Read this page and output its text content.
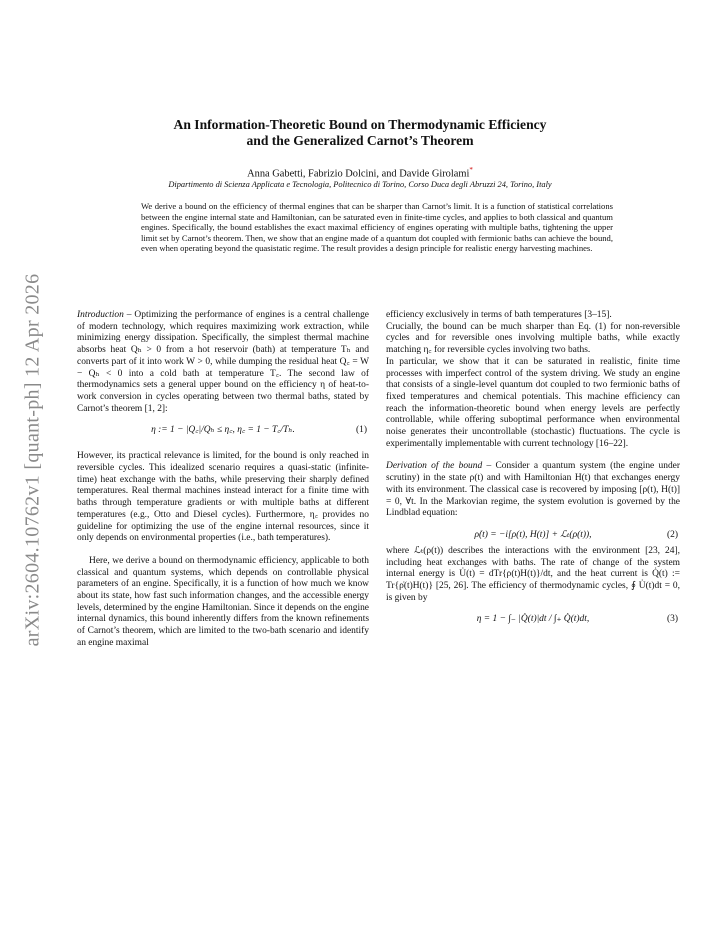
arXiv:2604.10762v1 [quant-ph] 12 Apr 2026
An Information-Theoretic Bound on Thermodynamic Efficiency
and the Generalized Carnot’s Theorem
Anna Gabetti, Fabrizio Dolcini, and Davide Girolami*
Dipartimento di Scienza Applicata e Tecnologia, Politecnico di Torino, Corso Duca degli Abruzzi 24, Torino, Italy
We derive a bound on the efficiency of thermal engines that can be sharper than Carnot’s limit. It is a function of statistical correlations between the engine internal state and Hamiltonian, can be saturated even in finite-time cycles, and applies to both classical and quantum engines. Specifically, the bound establishes the exact maximal efficiency of engines operating with multiple baths, tightening the upper limit set by Carnot’s theorem. Then, we show that an engine made of a quantum dot coupled with fermionic baths can achieve the bound, even when operating beyond the quasistatic regime. The result provides a design principle for realistic energy harvesting machines.

Introduction – Optimizing the performance of engines is a central challenge of modern technology, which requires maximizing work extraction, while minimizing energy dissipation. Specifically, the simplest thermal machine absorbs heat Qₕ > 0 from a hot reservoir (bath) at temperature Tₕ and converts part of it into work W > 0, while dumping the residual heat Q꜀ = W − Qₕ < 0 into a cold bath at temperature T꜀. The second law of thermodynamics sets a general upper bound on the efficiency η of heat-to-work conversion in cycles operating between two thermal baths, stated by Carnot’s theorem [1, 2]:

η := 1 − |Q꜀|/Qₕ ≤ η꜀, η꜀ = 1 − T꜀/Tₕ.	(1)

However, its practical relevance is limited, for the bound is only reached in reversible cycles. This idealized scenario requires a quasi-static (infinite-time) heat exchange with the baths, while preserving their sharply defined temperatures. Real thermal machines instead interact for a finite time with baths through temperature gradients or with multiple baths at different temperatures (e.g., Otto and Diesel cycles). Furthermore, η꜀ provides no guideline for optimizing the use of the engine internal resources, since it only depends on environmental properties (i.e., bath temperatures).

Here, we derive a bound on thermodynamic efficiency, applicable to both classical and quantum systems, which depends on controllable physical parameters of an engine. Specifically, it is a function of how much we know about its state, how fast such information changes, and the accessible energy levels, determined by the engine Hamiltonian. Since it depends on the engine internal dynamics, this bound inherently differs from the known refinements of Carnot’s theorem, which are limited to the two-bath scenario and identify an engine maximal

efficiency exclusively in terms of bath temperatures [3–15].

Crucially, the bound can be much sharper than Eq. (1) for non-reversible cycles and for reversible ones involving multiple baths, while exactly matching η꜀ for reversible cycles involving two baths.

In particular, we show that it can be saturated in realistic, finite time processes with imperfect control of the system driving. We study an engine that consists of a single-level quantum dot coupled to two fermionic baths of fixed temperatures and chemical potentials. This machine efficiency can reach the information-theoretic bound when energy levels are perfectly controllable, while offering suboptimal performance when environmental noise generates their uncontrollable (stochastic) fluctuations. The cycle is experimentally implementable with current technology [16–22].

Derivation of the bound – Consider a quantum system (the engine under scrutiny) in the state ρ(t) and with Hamiltonian H(t) that exchanges energy with its environment. The classical case is recovered by imposing [ρ(t), H(t)] = 0, ∀t. In the Markovian regime, the system evolution is governed by the Lindblad equation:

ρ̇(t) = −i[ρ(t), H(t)] + ℒₜ(ρ(t)),	(2)

where ℒₜ(ρ(t)) describes the interactions with the environment [23, 24], including heat exchanges with baths. The rate of change of the system internal energy is U̇(t) = dTr{ρ(t)H(t)}/dt, and the heat current is Q̇(t) := Tr{ρ̇(t)H(t)} [25, 26]. The efficiency of thermodynamic cycles, ∮ U̇(t)dt = 0, is given by

η = 1 − ∫₋ |Q̇(t)|dt / ∫₊ Q̇(t)dt,	(3)
